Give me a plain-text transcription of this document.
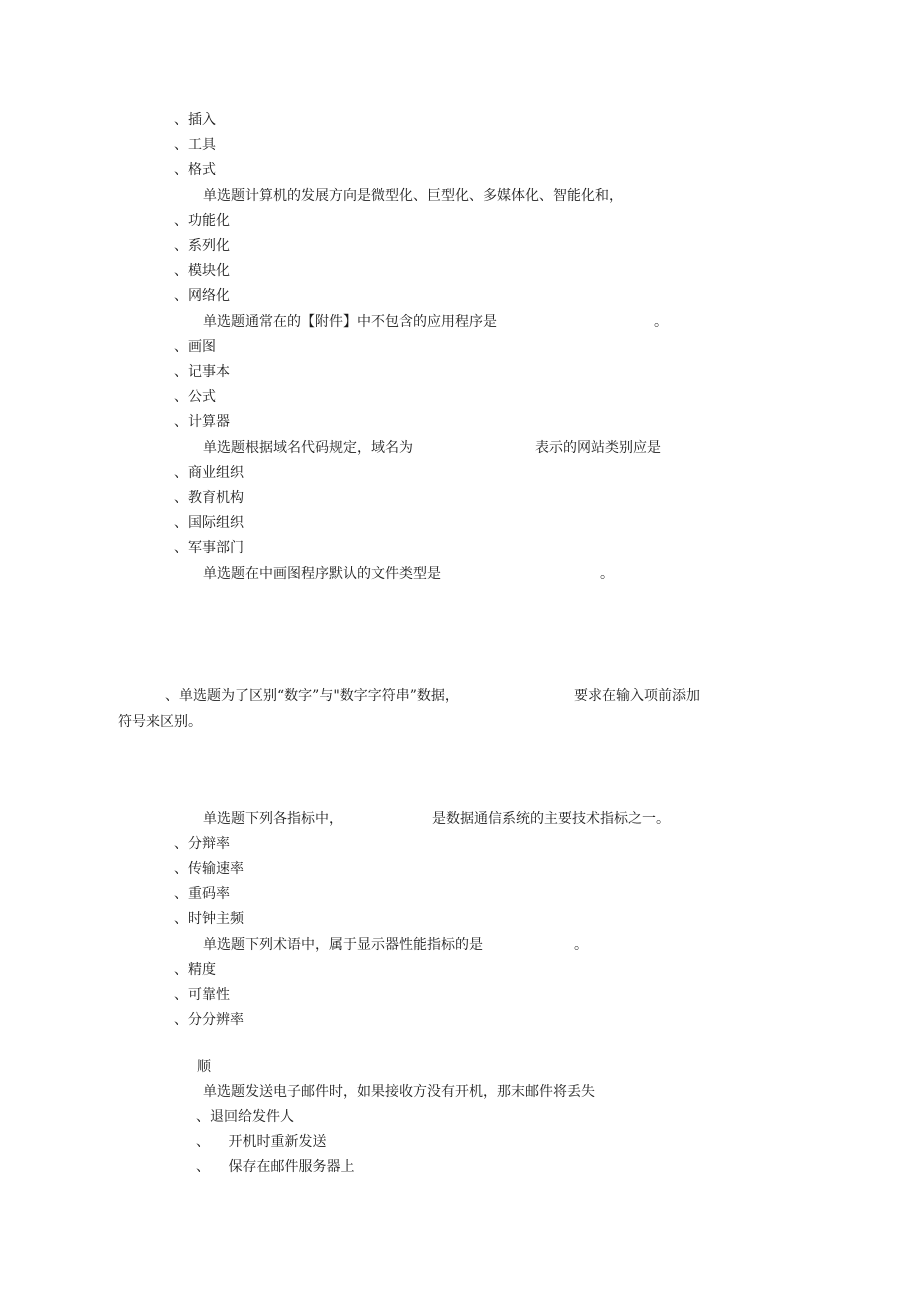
、插入
、工具
、格式
单选题计算机的发展方向是微型化、巨型化、多媒体化、智能化和，
、功能化
、系列化
、模块化
、网络化
单选题通常在的【附件】中不包含的应用程序是	。
、画图
、记事本
、公式
、计算器
单选题根据域名代码规定，域名为	表示的网站类别应是
、商业组织
、教育机构
、国际组织
、军事部门
单选题在中画图程序默认的文件类型是	。
、单选题为了区别“数字”与"数字字符串”数据，	要求在输入项前添加
符号来区别。
单选题下列各指标中，	是数据通信系统的主要技术指标之一。
、分辩率
、传输速率
、重码率
、时钟主频
单选题下列术语中，属于显示器性能指标的是	。
、精度
、可靠性
、分分辨率
顺
单选题发送电子邮件时，如果接收方没有开机，那末邮件将丢失
、退回给发件人
、 开机时重新发送
、 保存在邮件服务器上
